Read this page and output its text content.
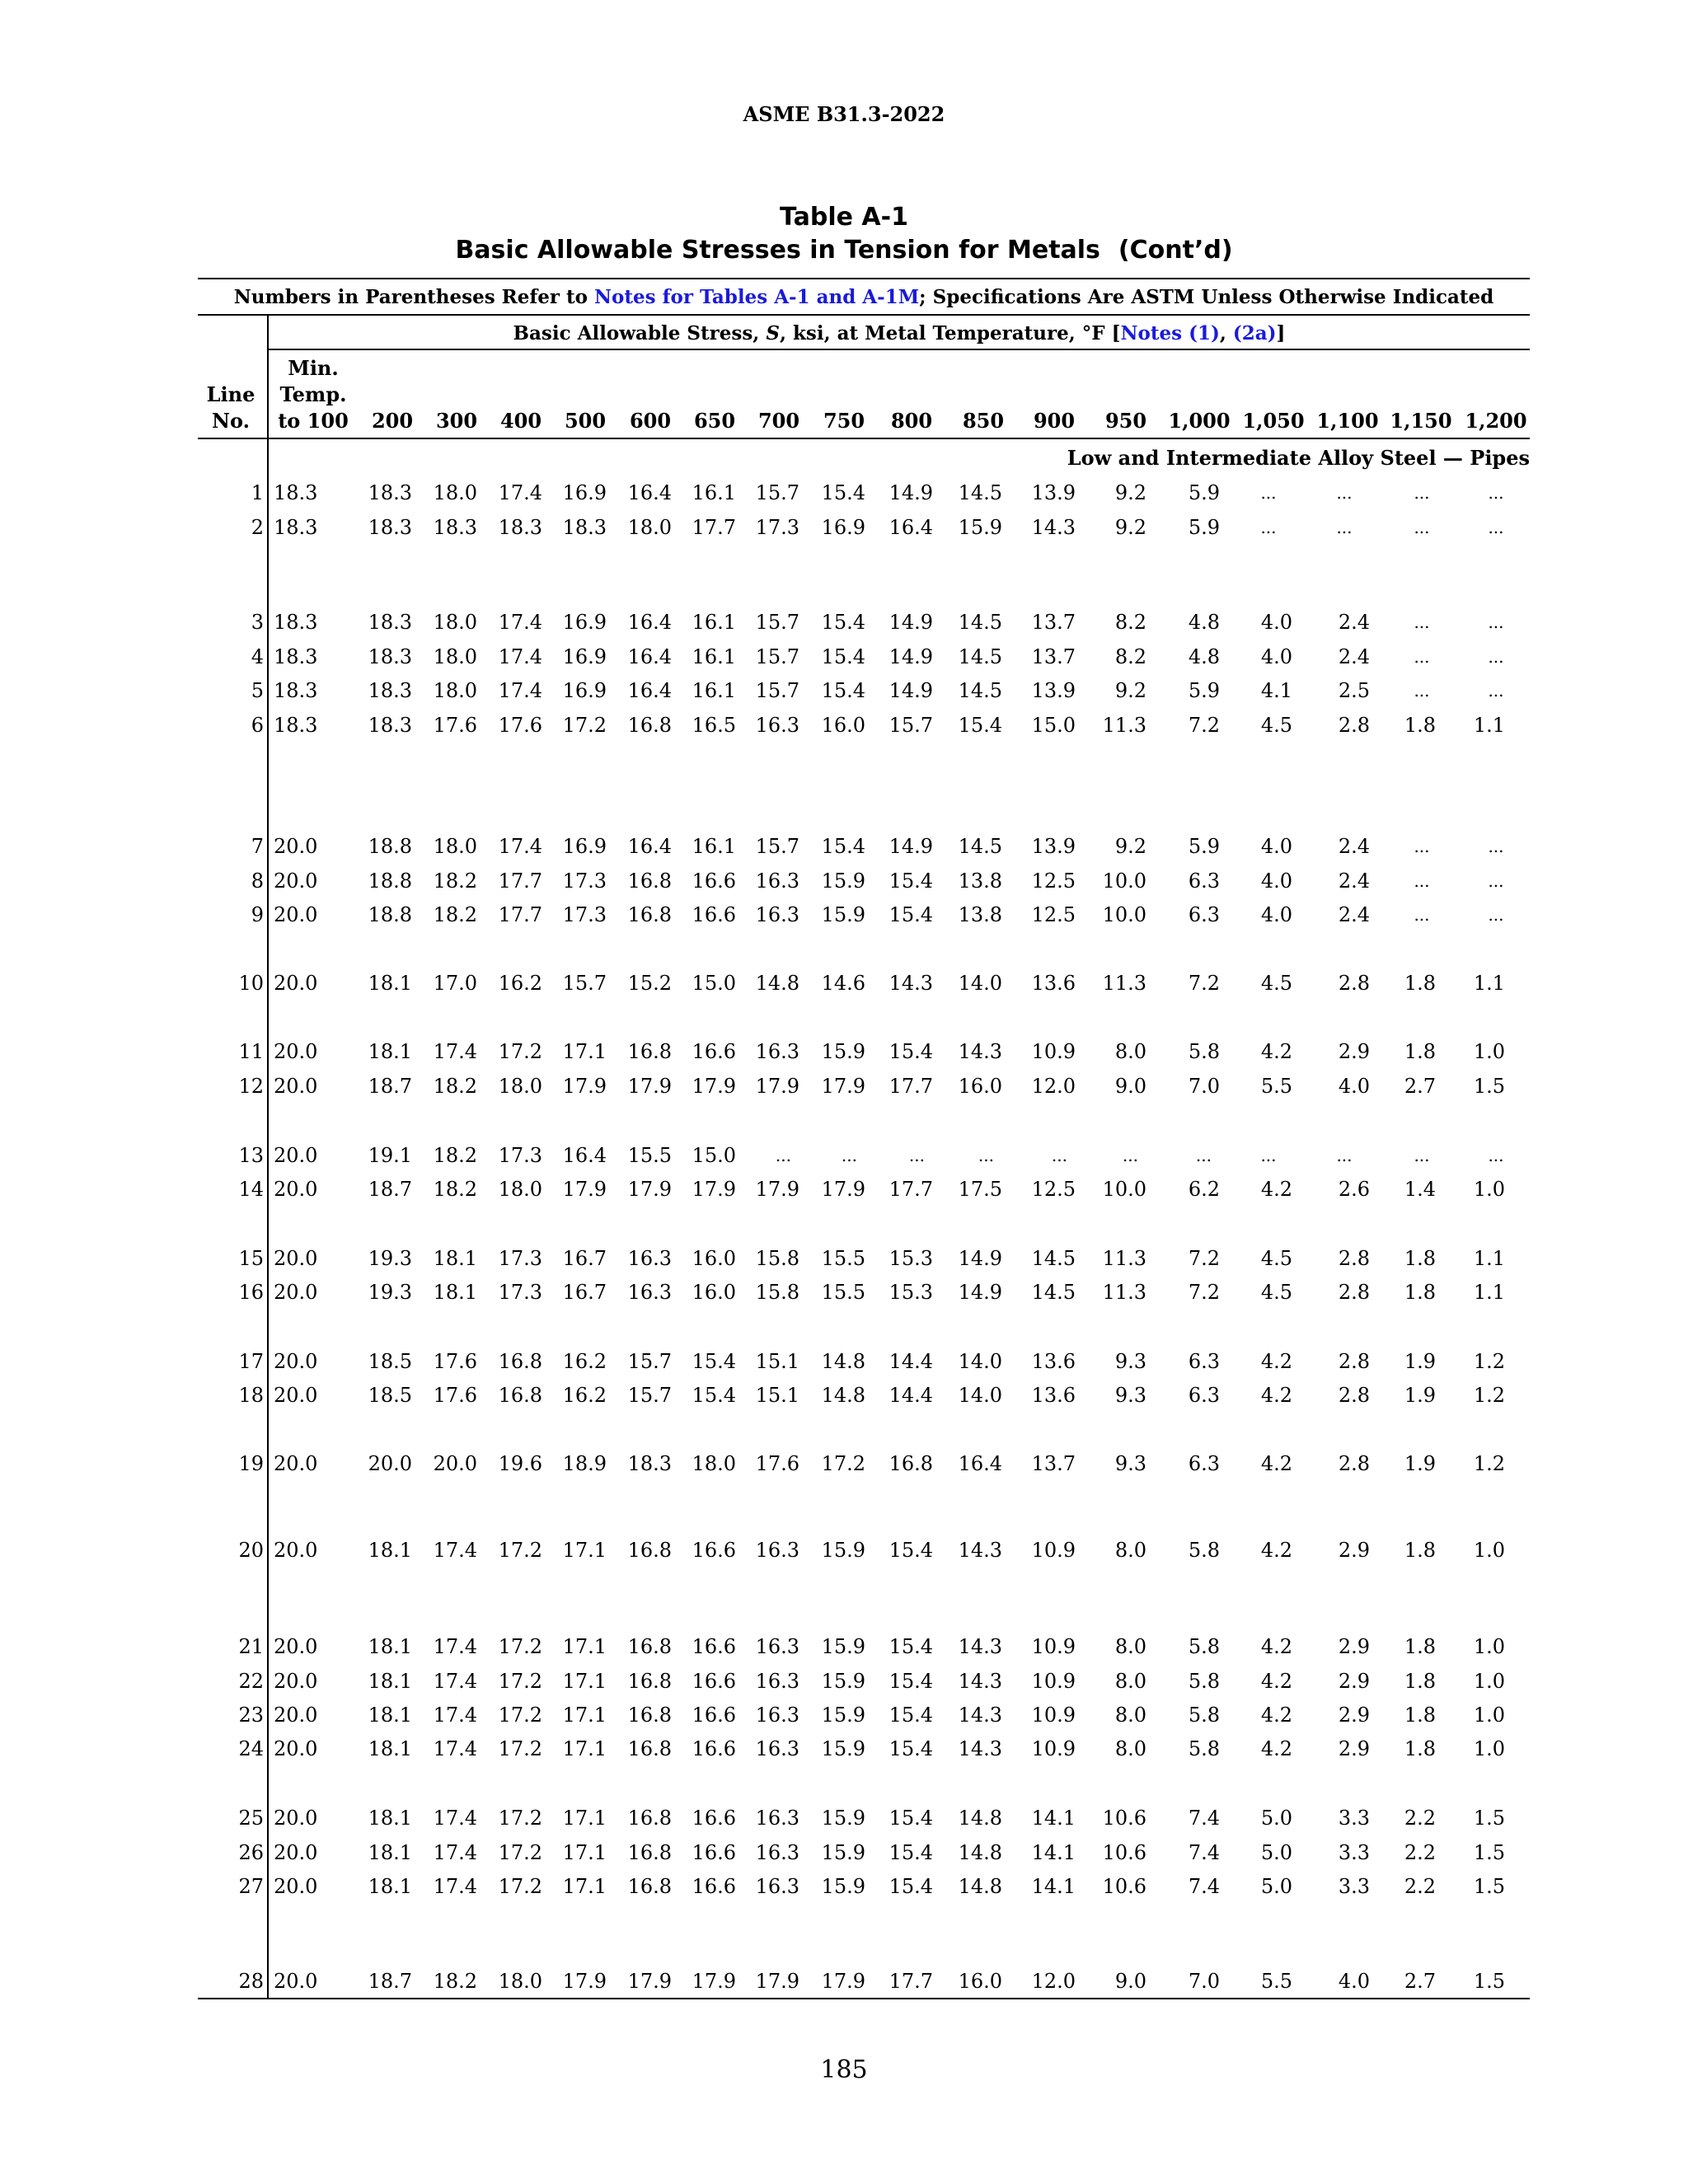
ASME B31.3-2022
Table A-1
Basic Allowable Stresses in Tension for Metals (Cont’d)
Numbers in Parentheses Refer to Notes for Tables A-1 and A-1M; Specifications Are ASTM Unless Otherwise Indicated
Basic Allowable Stress, S, ksi, at Metal Temperature, °F [Notes (1), (2a)]
Line
No.
Min.
Temp.
to 100	200	300	400	500	600	650	700	750	800	850	900	950	1,000 1,050 1,100 1,150 1,200
Low and Intermediate Alloy Steel — Pipes
1 18.3	18.3	18.0	17.4	16.9	16.4	16.1 15.7	15.4	14.9	14.5	13.9	9.2	5.9	...	...	...	...
2 18.3	18.3	18.3	18.3	18.3	18.0	17.7 17.3	16.9	16.4	15.9	14.3	9.2	5.9	...	...	...	...
3 18.3	18.3	18.0	17.4	16.9	16.4	16.1 15.7	15.4	14.9	14.5	13.7	8.2	4.8	4.0	2.4	...	...
4 18.3	18.3	18.0	17.4	16.9	16.4	16.1 15.7	15.4	14.9	14.5	13.7	8.2	4.8	4.0	2.4	...	...
5 18.3	18.3	18.0	17.4	16.9	16.4	16.1 15.7	15.4	14.9	14.5	13.9	9.2	5.9	4.1	2.5	...	...
6 18.3	18.3	17.6	17.6	17.2	16.8	16.5 16.3	16.0	15.7	15.4	15.0	11.3	7.2	4.5	2.8	1.8	1.1
7 20.0	18.8	18.0	17.4	16.9	16.4	16.1 15.7	15.4	14.9	14.5	13.9	9.2	5.9	4.0	2.4	...	...
8 20.0	18.8	18.2	17.7	17.3	16.8	16.6 16.3	15.9	15.4	13.8	12.5	10.0	6.3	4.0	2.4	...	...
9 20.0	18.8	18.2	17.7	17.3	16.8	16.6 16.3	15.9	15.4	13.8	12.5	10.0	6.3	4.0	2.4	...	...
10 20.0	18.1	17.0	16.2	15.7	15.2	15.0 14.8	14.6	14.3	14.0	13.6	11.3	7.2	4.5	2.8	1.8	1.1
11 20.0	18.1	17.4	17.2	17.1	16.8	16.6 16.3	15.9	15.4	14.3	10.9	8.0	5.8	4.2	2.9	1.8	1.0
12 20.0	18.7	18.2	18.0	17.9	17.9	17.9 17.9	17.9	17.7	16.0	12.0	9.0	7.0	5.5	4.0	2.7	1.5
13 20.0	19.1	18.2	17.3	16.4	15.5	15.0	...	...	...	...	...	...	...	...	...	...	...
14 20.0	18.7	18.2	18.0	17.9	17.9	17.9 17.9	17.9	17.7	17.5	12.5	10.0	6.2	4.2	2.6	1.4	1.0
15 20.0	19.3	18.1	17.3	16.7	16.3	16.0 15.8	15.5	15.3	14.9	14.5	11.3	7.2	4.5	2.8	1.8	1.1
16 20.0	19.3	18.1	17.3	16.7	16.3	16.0 15.8	15.5	15.3	14.9	14.5	11.3	7.2	4.5	2.8	1.8	1.1
17 20.0	18.5	17.6	16.8	16.2	15.7	15.4 15.1	14.8	14.4	14.0	13.6	9.3	6.3	4.2	2.8	1.9	1.2
18 20.0	18.5	17.6	16.8	16.2	15.7	15.4 15.1	14.8	14.4	14.0	13.6	9.3	6.3	4.2	2.8	1.9	1.2
19 20.0	20.0	20.0	19.6	18.9	18.3	18.0 17.6	17.2	16.8	16.4	13.7	9.3	6.3	4.2	2.8	1.9	1.2
20 20.0	18.1	17.4	17.2	17.1	16.8	16.6 16.3	15.9	15.4	14.3	10.9	8.0	5.8	4.2	2.9	1.8	1.0
21 20.0	18.1	17.4	17.2	17.1	16.8	16.6 16.3	15.9	15.4	14.3	10.9	8.0	5.8	4.2	2.9	1.8	1.0
22 20.0	18.1	17.4	17.2	17.1	16.8	16.6 16.3	15.9	15.4	14.3	10.9	8.0	5.8	4.2	2.9	1.8	1.0
23 20.0	18.1	17.4	17.2	17.1	16.8	16.6 16.3	15.9	15.4	14.3	10.9	8.0	5.8	4.2	2.9	1.8	1.0
24 20.0	18.1	17.4	17.2	17.1	16.8	16.6 16.3	15.9	15.4	14.3	10.9	8.0	5.8	4.2	2.9	1.8	1.0
25 20.0	18.1	17.4	17.2	17.1	16.8	16.6 16.3	15.9	15.4	14.8	14.1	10.6	7.4	5.0	3.3	2.2	1.5
26 20.0	18.1	17.4	17.2	17.1	16.8	16.6 16.3	15.9	15.4	14.8	14.1	10.6	7.4	5.0	3.3	2.2	1.5
27 20.0	18.1	17.4	17.2	17.1	16.8	16.6 16.3	15.9	15.4	14.8	14.1	10.6	7.4	5.0	3.3	2.2	1.5
28 20.0	18.7	18.2	18.0	17.9	17.9	17.9 17.9	17.9	17.7	16.0	12.0	9.0	7.0	5.5	4.0	2.7	1.5
185
